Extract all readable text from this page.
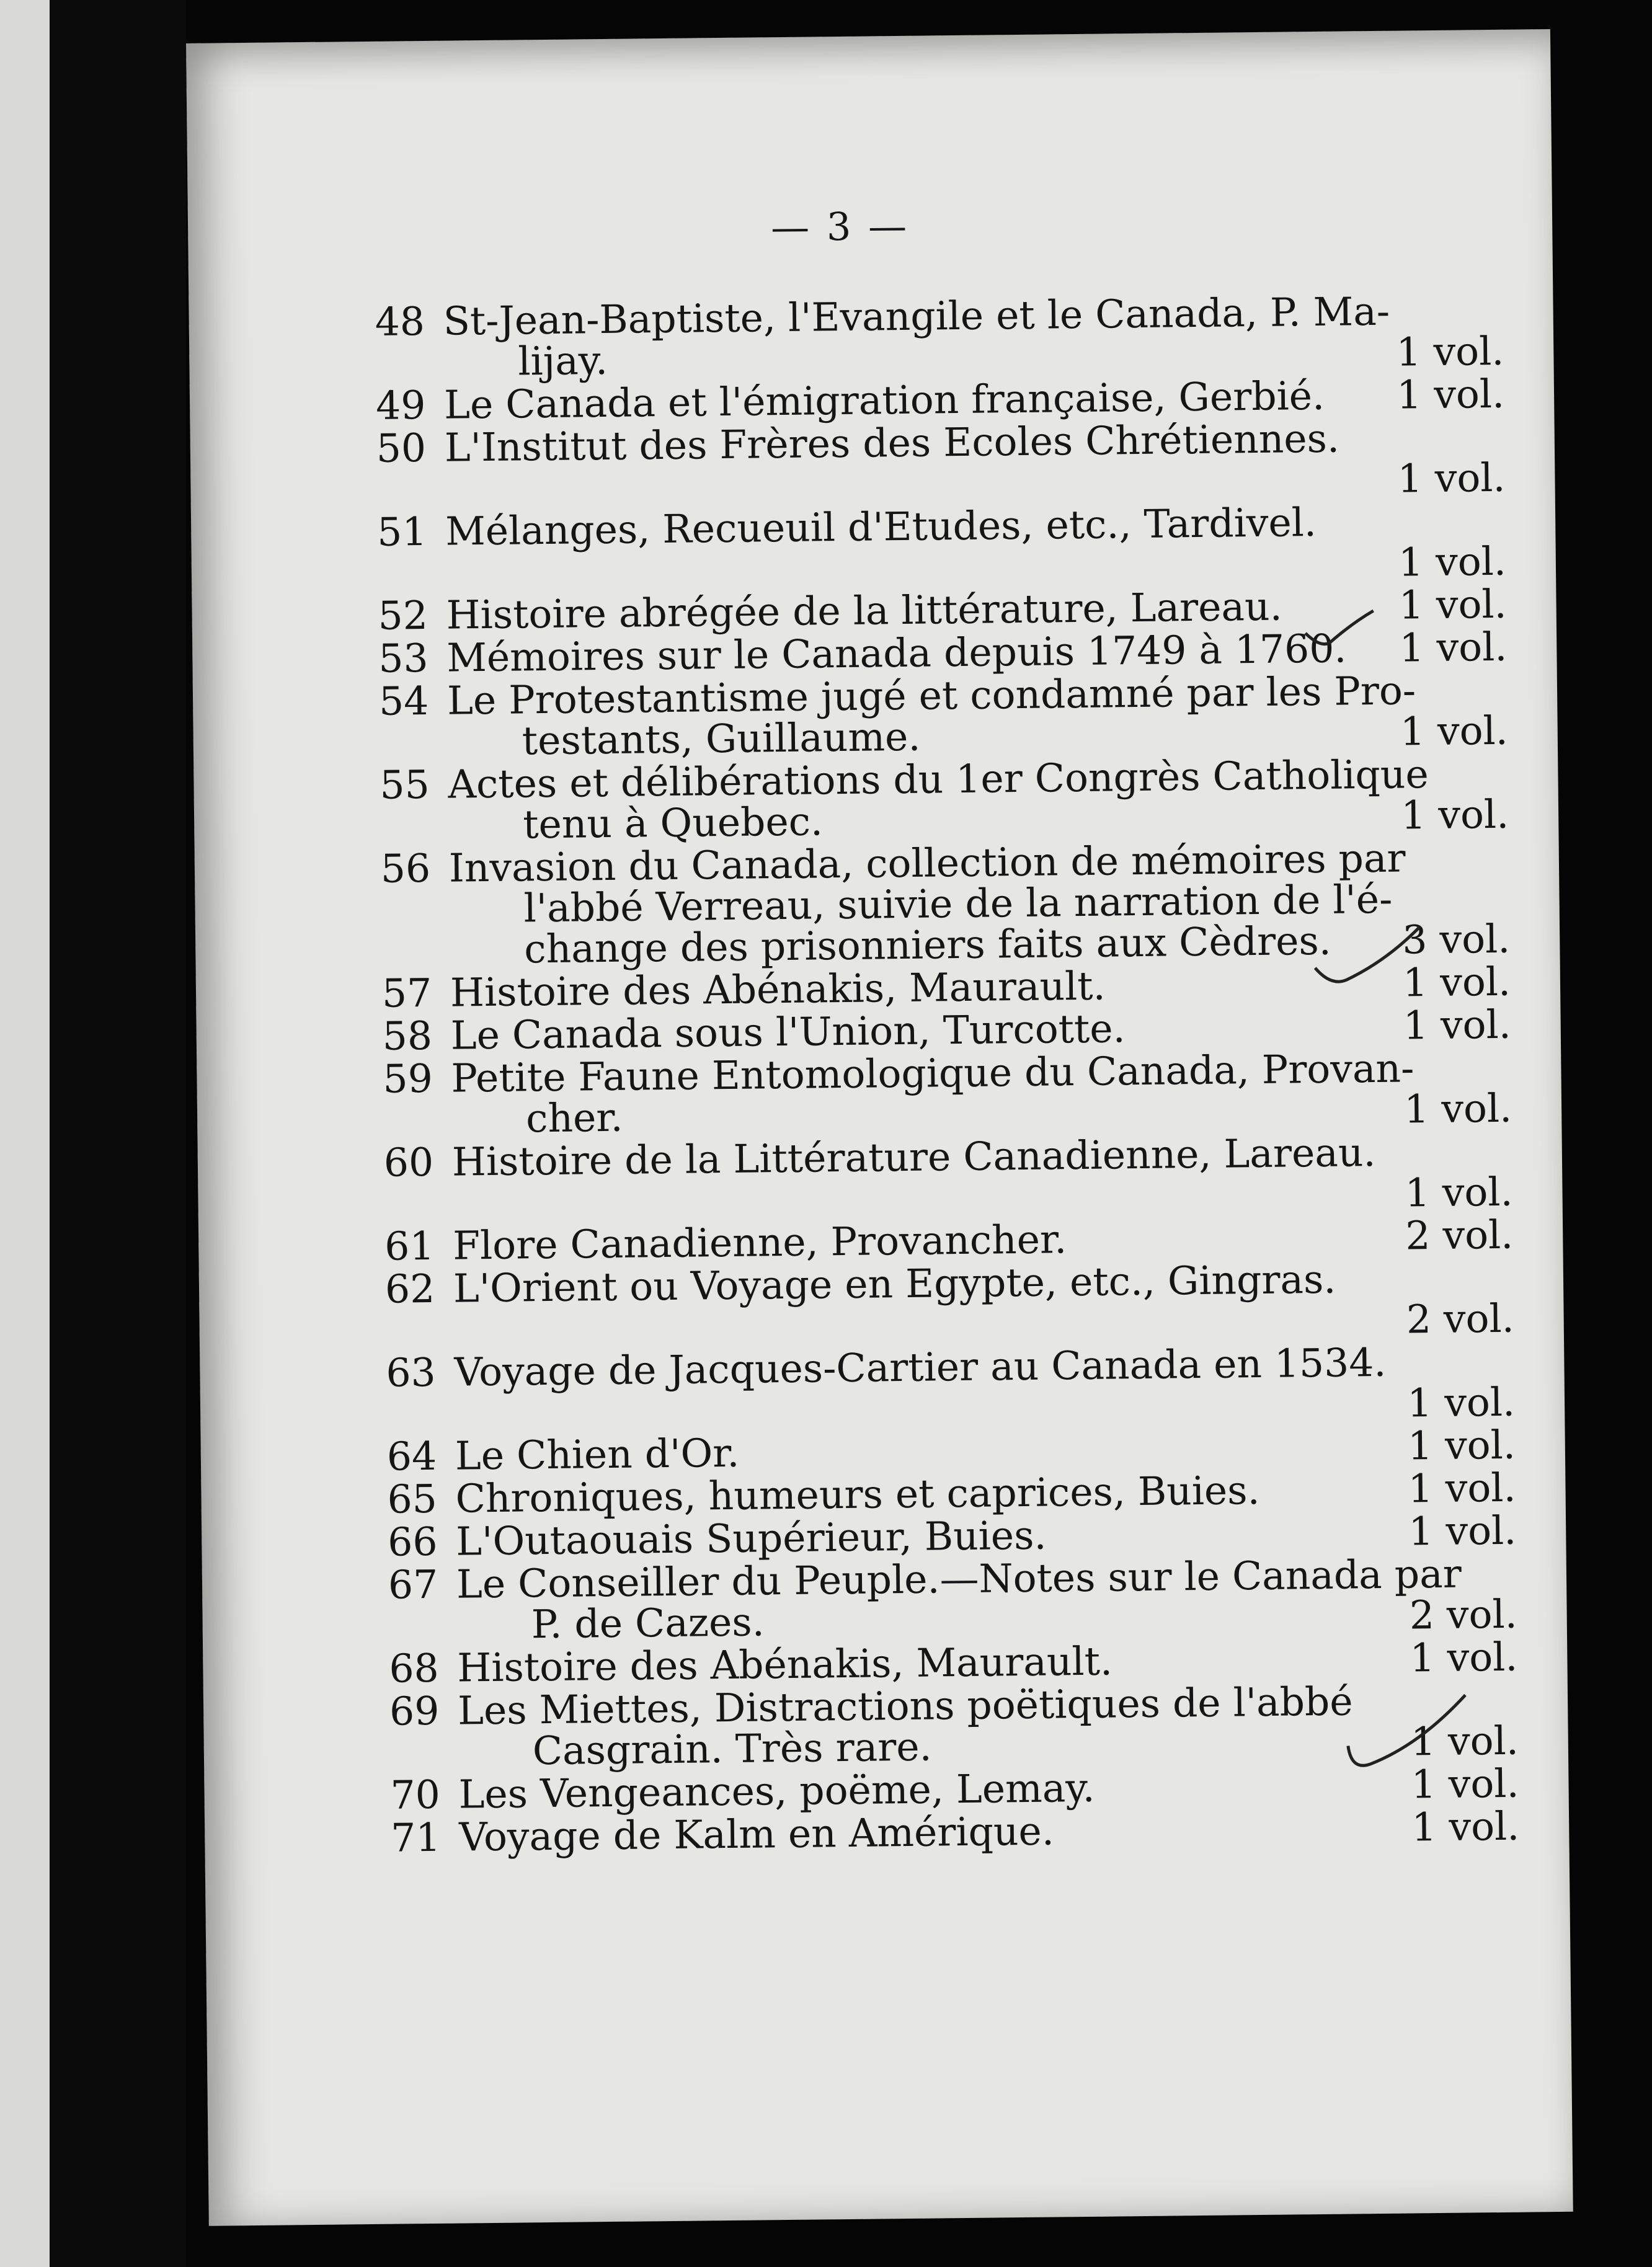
— 3 —
48 St-Jean-Baptiste, l'Evangile et le Canada, P. Ma-
lijay.	1 vol.
49 Le Canada et l'émigration française, Gerbié. 1 vol.
50 L'Institut des Frères des Ecoles Chrétiennes.
1 vol.
51 Mélanges, Recueuil d'Etudes, etc., Tardivel.
1 vol.
52 Histoire abrégée de la littérature, Lareau.	1 vol.
53 Mémoires sur le Canada depuis 1749 à 1760. 1 vol.
54 Le Protestantisme jugé et condamné par les Pro-
testants, Guillaume.	1 vol.
55 Actes et délibérations du 1er Congrès Catholique
tenu à Quebec.	1 vol.
56 Invasion du Canada, collection de mémoires par
l'abbé Verreau, suivie de la narration de l'é-
change des prisonniers faits aux Cèdres. 3 vol.
57 Histoire des Abénakis, Maurault.	1 vol.
58 Le Canada sous l'Union, Turcotte.	1 vol.
59 Petite Faune Entomologique du Canada, Provan-
cher.	1 vol.
60 Histoire de la Littérature Canadienne, Lareau.
1 vol.
61 Flore Canadienne, Provancher.	2 vol.
62 L'Orient ou Voyage en Egypte, etc., Gingras.
2 vol.
63 Voyage de Jacques-Cartier au Canada en 1534.
1 vol.
64 Le Chien d'Or.	1 vol.
65 Chroniques, humeurs et caprices, Buies.	1 vol.
66 L'Outaouais Supérieur, Buies.	1 vol.
67 Le Conseiller du Peuple.—Notes sur le Canada par
P. de Cazes.	2 vol.
68 Histoire des Abénakis, Maurault.	1 vol.
69 Les Miettes, Distractions poëtiques de l'abbé
Casgrain. Très rare.	1 vol.
70 Les Vengeances, poëme, Lemay.	1 vol.
71 Voyage de Kalm en Amérique.	1 vol.
